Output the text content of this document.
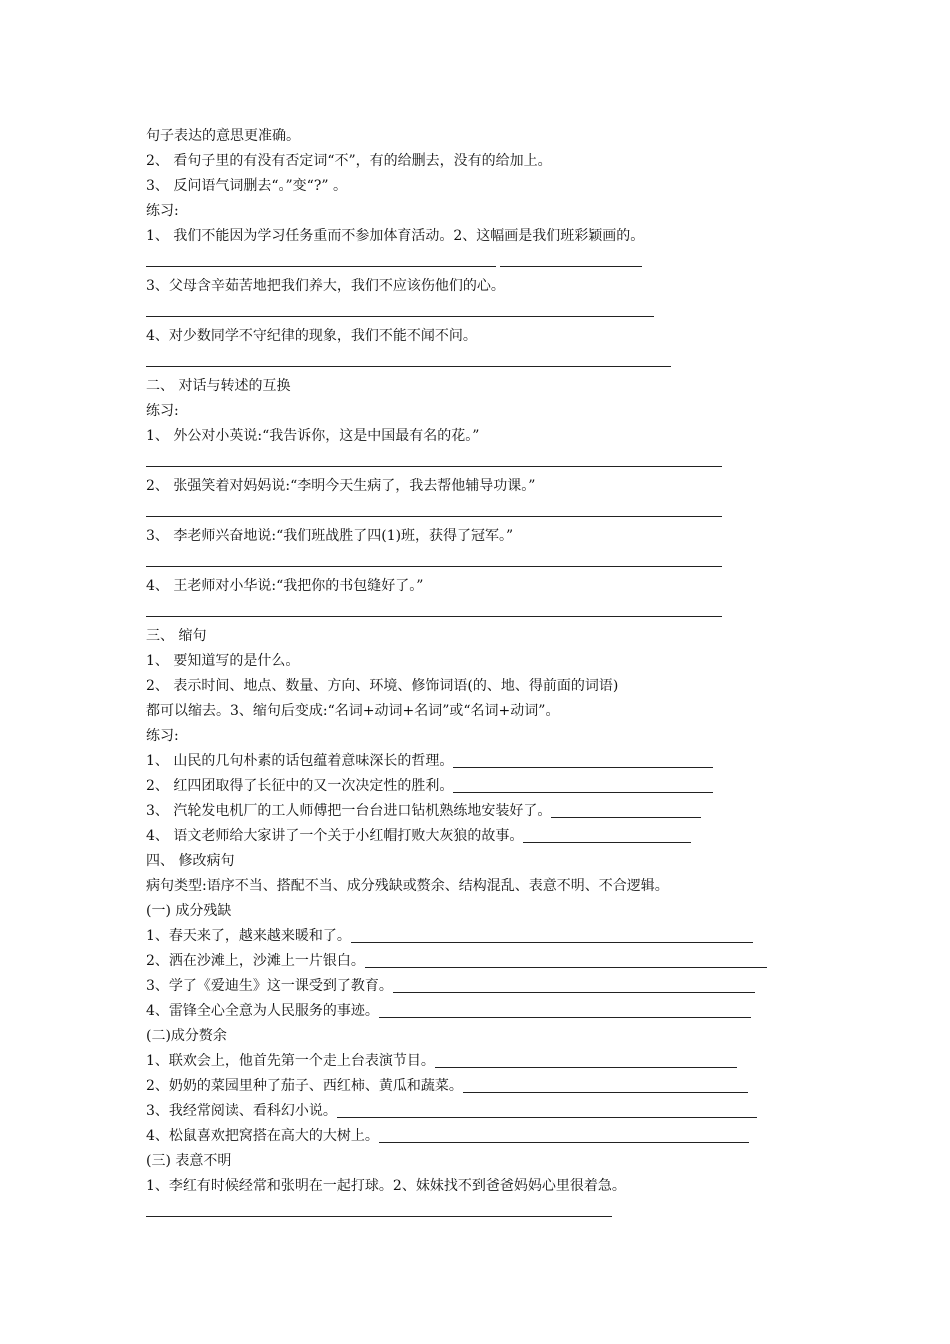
句子表达的意思更准确。
2、 看句子里的有没有否定词“不”，有的给删去，没有的给加上。
3、 反问语气词删去“。”变“?” 。
练习:
1、 我们不能因为学习任务重而不参加体育活动。2、这幅画是我们班彩颖画的。
3、父母含辛茹苦地把我们养大，我们不应该伤他们的心。
4、对少数同学不守纪律的现象，我们不能不闻不问。
二、 对话与转述的互换
练习:
1、 外公对小英说:“我告诉你，这是中国最有名的花。”
2、 张强笑着对妈妈说:“李明今天生病了，我去帮他辅导功课。”
3、 李老师兴奋地说:“我们班战胜了四(1)班，获得了冠军。”
4、 王老师对小华说:“我把你的书包缝好了。”
三、 缩句
1、 要知道写的是什么。
2、 表示时间、地点、数量、方向、环境、修饰词语(的、地、得前面的词语)
都可以缩去。3、缩句后变成:“名词+动词+名词”或“名词+动词”。
练习:
1、 山民的几句朴素的话包蕴着意味深长的哲理。
2、 红四团取得了长征中的又一次决定性的胜利。
3、 汽轮发电机厂的工人师傅把一台台进口钻机熟练地安装好了。
4、 语文老师给大家讲了一个关于小红帽打败大灰狼的故事。
四、 修改病句
病句类型:语序不当、搭配不当、成分残缺或赘余、结构混乱、表意不明、不合逻辑。
(一) 成分残缺
1、春天来了，越来越来暖和了。
2、洒在沙滩上，沙滩上一片银白。
3、学了《爱迪生》这一课受到了教育。
4、雷锋全心全意为人民服务的事迹。
(二)成分赘余
1、联欢会上，他首先第一个走上台表演节目。
2、奶奶的菜园里种了茄子、西红柿、黄瓜和蔬菜。
3、我经常阅读、看科幻小说。
4、松鼠喜欢把窝搭在高大的大树上。
(三) 表意不明
1、李红有时候经常和张明在一起打球。2、妹妹找不到爸爸妈妈心里很着急。
